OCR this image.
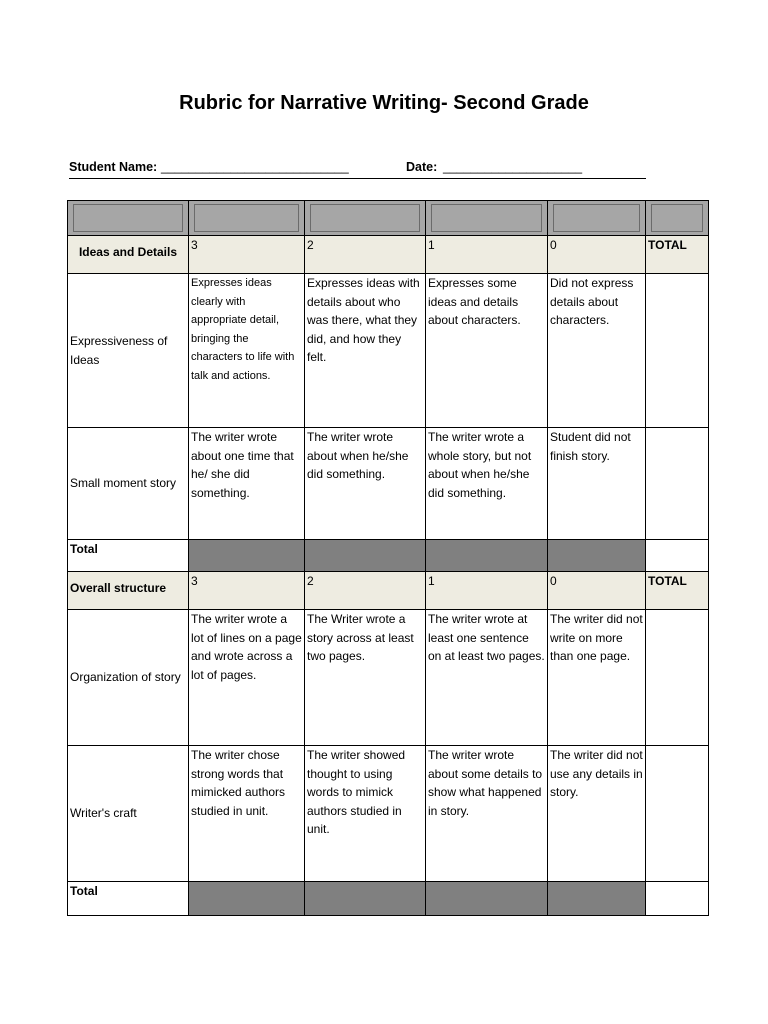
Rubric for Narrative Writing- Second Grade
Student Name: ___________________________	Date: ____________________

Ideas and Details	3	2	1	0	TOTAL
Expressiveness of Ideas	Expresses ideas clearly with appropriate detail, bringing the characters to life with talk and actions.	Expresses ideas with details about who was there, what they did, and how they felt.	Expresses some ideas and details about characters.	Did not express details about characters.	
Small moment story	The writer wrote about one time that he/ she did something.	The writer wrote about when he/she did something.	The writer wrote a whole story, but not about when he/she did something.	Student did not finish story.	
Total					
Overall structure	3	2	1	0	TOTAL
Organization of story	The writer wrote a lot of lines on a page and wrote across a lot of pages.	The Writer wrote a story across at least two pages.	The writer wrote at least one sentence on at least two pages.	The writer did not write on more than one page.	
Writer's craft	The writer chose strong words that mimicked authors studied in unit.	The writer showed thought to using words to mimick authors studied in unit.	The writer wrote about some details to show what happened in story.	The writer did not use any details in story.	
Total					
